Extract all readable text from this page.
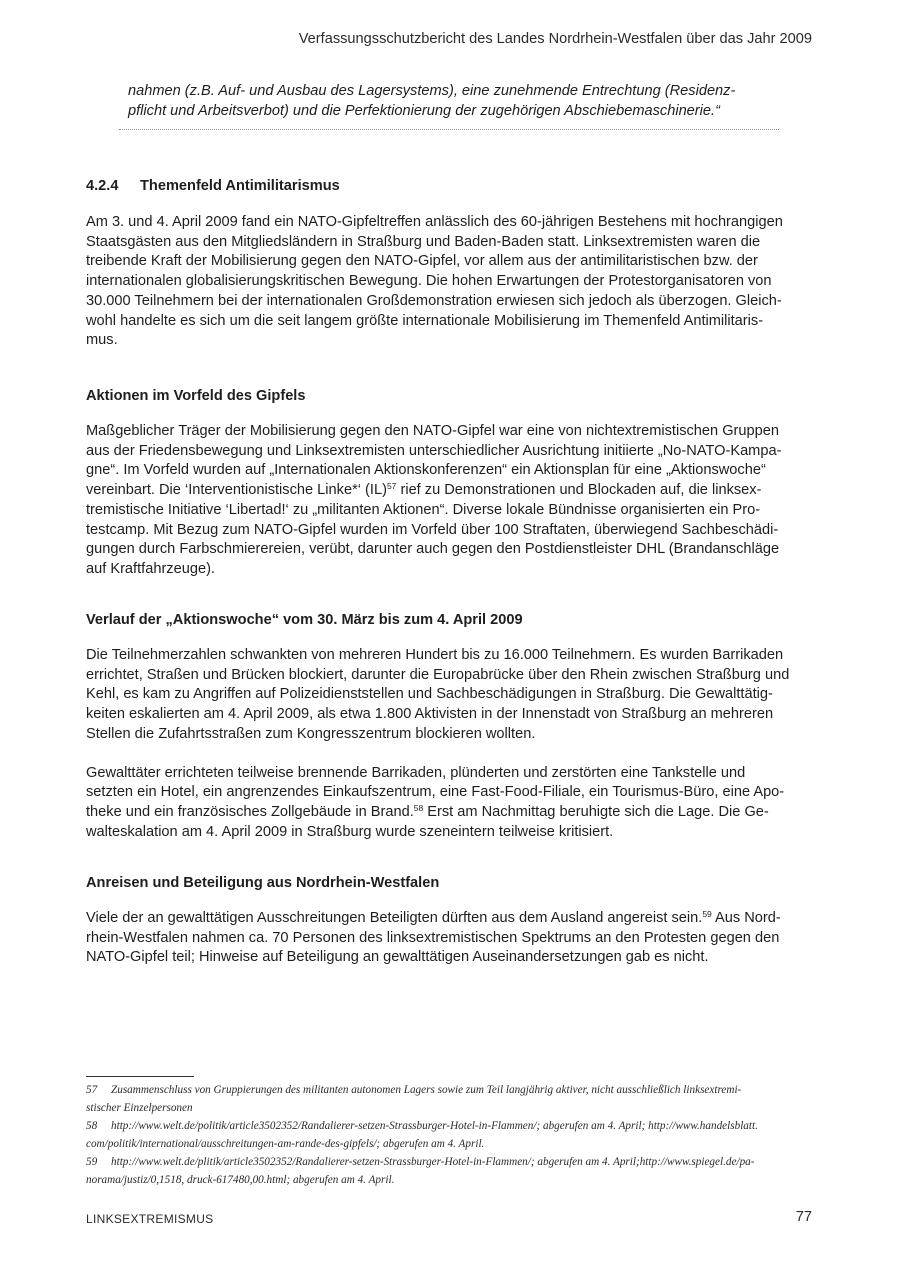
Verfassungsschutzbericht des Landes Nordrhein-Westfalen über das Jahr 2009
nahmen (z.B. Auf- und Ausbau des Lagersystems), eine zunehmende Entrechtung (Residenz-
pflicht und Arbeitsverbot) und die Perfektionierung der zugehörigen Abschiebemaschinerie.“
4.2.4 Themenfeld Antimilitarismus
Am 3. und 4. April 2009 fand ein NATO-Gipfeltreffen anlässlich des 60-jährigen Bestehens mit hochrangigen
Staatsgästen aus den Mitgliedsländern in Straßburg und Baden-Baden statt. Linksextremisten waren die
treibende Kraft der Mobilisierung gegen den NATO-Gipfel, vor allem aus der antimilitaristischen bzw. der
internationalen globalisierungskritischen Bewegung. Die hohen Erwartungen der Protestorganisatoren von
30.000 Teilnehmern bei der internationalen Großdemonstration erwiesen sich jedoch als überzogen. Gleich-
wohl handelte es sich um die seit langem größte internationale Mobilisierung im Themenfeld Antimilitaris-
mus.
Aktionen im Vorfeld des Gipfels
Maßgeblicher Träger der Mobilisierung gegen den NATO-Gipfel war eine von nichtextremistischen Gruppen
aus der Friedensbewegung und Linksextremisten unterschiedlicher Ausrichtung initiierte „No-NATO-Kampa-
gne“. Im Vorfeld wurden auf „Internationalen Aktionskonferenzen“ ein Aktionsplan für eine „Aktionswoche“
vereinbart. Die ‘Interventionistische Linke*‘ (IL)$^{57}$ rief zu Demonstrationen und Blockaden auf, die linksex-
tremistische Initiative ‘Libertad!‘ zu „militanten Aktionen“. Diverse lokale Bündnisse organisierten ein Pro-
testcamp. Mit Bezug zum NATO-Gipfel wurden im Vorfeld über 100 Straftaten, überwiegend Sachbeschädi-
gungen durch Farbschmierereien, verübt, darunter auch gegen den Postdienstleister DHL (Brandanschläge
auf Kraftfahrzeuge).
Verlauf der „Aktionswoche“ vom 30. März bis zum 4. April 2009
Die Teilnehmerzahlen schwankten von mehreren Hundert bis zu 16.000 Teilnehmern. Es wurden Barrikaden
errichtet, Straßen und Brücken blockiert, darunter die Europabrücke über den Rhein zwischen Straßburg und
Kehl, es kam zu Angriffen auf Polizeidienststellen und Sachbeschädigungen in Straßburg. Die Gewalttätig-
keiten eskalierten am 4. April 2009, als etwa 1.800 Aktivisten in der Innenstadt von Straßburg an mehreren
Stellen die Zufahrtsstraßen zum Kongresszentrum blockieren wollten.
Gewalttäter errichteten teilweise brennende Barrikaden, plünderten und zerstörten eine Tankstelle und
setzten ein Hotel, ein angrenzendes Einkaufszentrum, eine Fast-Food-Filiale, ein Tourismus-Büro, eine Apo-
theke und ein französisches Zollgebäude in Brand.$^{58}$ Erst am Nachmittag beruhigte sich die Lage. Die Ge-
walteskalation am 4. April 2009 in Straßburg wurde szeneintern teilweise kritisiert.
Anreisen und Beteiligung aus Nordrhein-Westfalen
Viele der an gewalttätigen Ausschreitungen Beteiligten dürften aus dem Ausland angereist sein.$^{59}$ Aus Nord-
rhein-Westfalen nahmen ca. 70 Personen des linksextremistischen Spektrums an den Protesten gegen den
NATO-Gipfel teil; Hinweise auf Beteiligung an gewalttätigen Auseinandersetzungen gab es nicht.
57 Zusammenschluss von Gruppierungen des militanten autonomen Lagers sowie zum Teil langjährig aktiver, nicht ausschließlich linksextremi-
stischer Einzelpersonen
58 http://www.welt.de/politik/article3502352/Randalierer-setzen-Strassburger-Hotel-in-Flammen/; abgerufen am 4. April; http://www.handelsblatt.
com/politik/international/ausschreitungen-am-rande-des-gipfels/; abgerufen am 4. April.
59 http://www.welt.de/plitik/article3502352/Randalierer-setzen-Strassburger-Hotel-in-Flammen/; abgerufen am 4. April;http://www.spiegel.de/pa-
norama/justiz/0,1518, druck-617480,00.html; abgerufen am 4. April.
LINKSEXTREMISMUS	77
